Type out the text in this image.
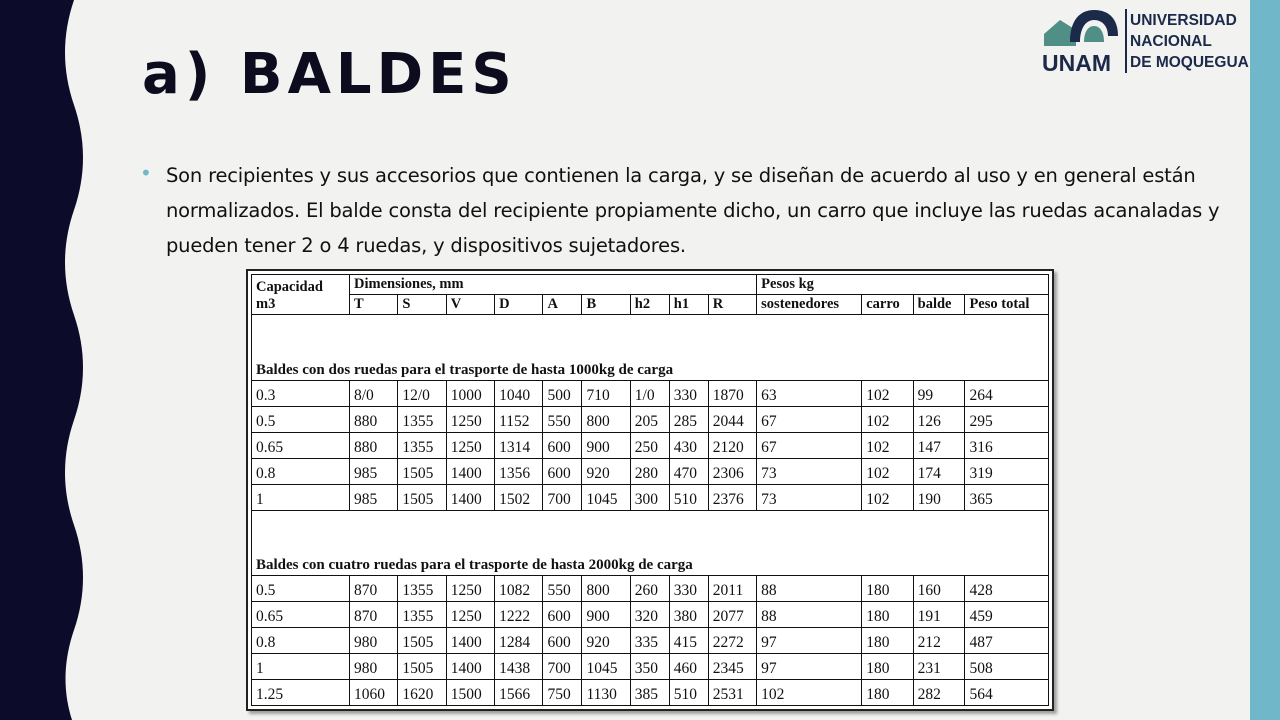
a) BALDES	UNAM
UNIVERSIDAD
NACIONAL
DE MOQUEGUA
• Son recipientes y sus accesorios que contienen la carga, y se diseñan de acuerdo al uso y en general están normalizados. El balde consta del recipiente propiamente dicho, un carro que incluye las ruedas acanaladas y pueden tener 2 o 4 ruedas, y dispositivos sujetadores.

Capacidad m3	Dimensiones, mm									Pesos kg			
	T	S	V	D	A	B	h2	h1	R	sostenedores	carro	balde	Peso total
Baldes con dos ruedas para el trasporte de hasta 1000kg de carga													
0.3	8/0	12/0	1000	1040	500	710	1/0	330	1870	63	102	99	264
0.5	880	1355	1250	1152	550	800	205	285	2044	67	102	126	295
0.65	880	1355	1250	1314	600	900	250	430	2120	67	102	147	316
0.8	985	1505	1400	1356	600	920	280	470	2306	73	102	174	319
1	985	1505	1400	1502	700	1045	300	510	2376	73	102	190	365
Baldes con cuatro ruedas para el trasporte de hasta 2000kg de carga													
0.5	870	1355	1250	1082	550	800	260	330	2011	88	180	160	428
0.65	870	1355	1250	1222	600	900	320	380	2077	88	180	191	459
0.8	980	1505	1400	1284	600	920	335	415	2272	97	180	212	487
1	980	1505	1400	1438	700	1045	350	460	2345	97	180	231	508
1.25	1060	1620	1500	1566	750	1130	385	510	2531	102	180	282	564
